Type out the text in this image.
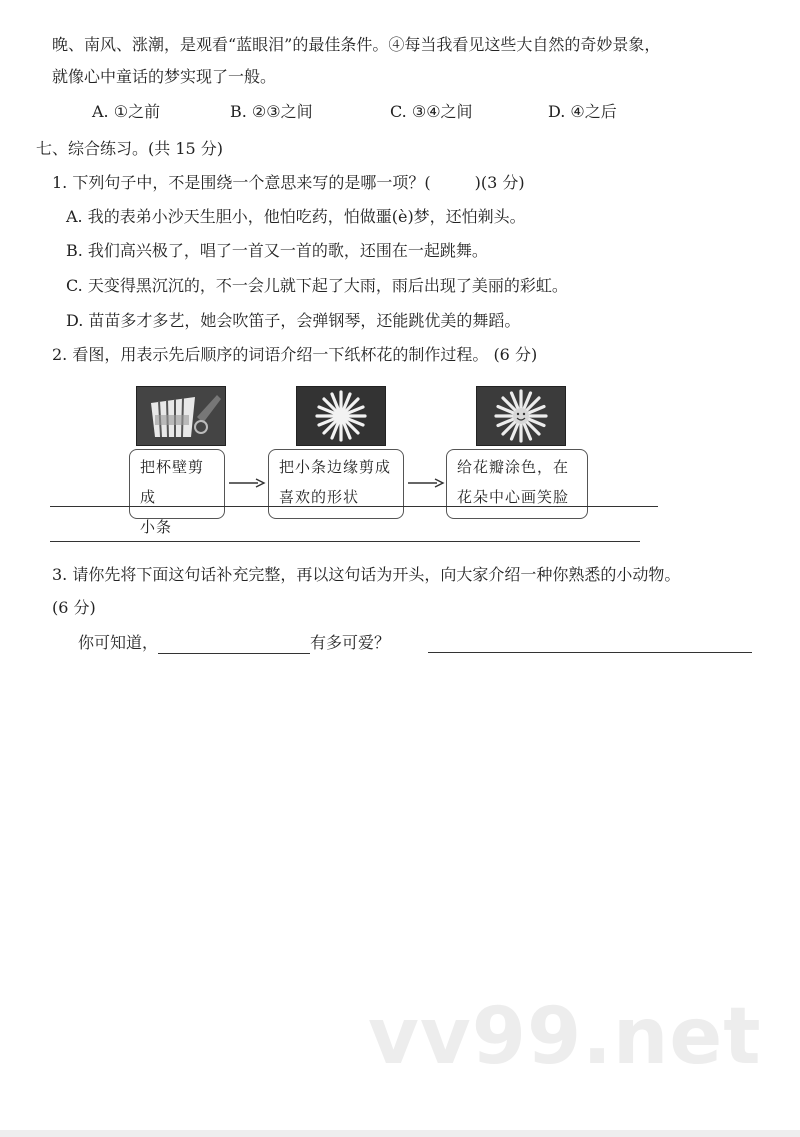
晚、南风、涨潮，是观看“蓝眼泪”的最佳条件。④每当我看见这些大自然的奇妙景象，
就像心中童话的梦实现了一般。
A. ①之前	B. ②③之间	C. ③④之间	D. ④之后
七、综合练习。(共 15 分)
1. 下列句子中，不是围绕一个意思来写的是哪一项？(	)(3 分)
A. 我的表弟小沙天生胆小，他怕吃药，怕做噩(è)梦，还怕剃头。
B. 我们高兴极了，唱了一首又一首的歌，还围在一起跳舞。
C. 天变得黑沉沉的，不一会儿就下起了大雨，雨后出现了美丽的彩虹。
D. 苗苗多才多艺，她会吹笛子，会弹钢琴，还能跳优美的舞蹈。
2. 看图，用表示先后顺序的词语介绍一下纸杯花的制作过程。 (6 分)
把杯壁剪成
小条
把小条边缘剪成
喜欢的形状
给花瓣涂色，在
花朵中心画笑脸
3. 请你先将下面这句话补充完整，再以这句话为开头，向大家介绍一种你熟悉的小动物。
(6 分)
你可知道，	有多可爱？
vv99.net
